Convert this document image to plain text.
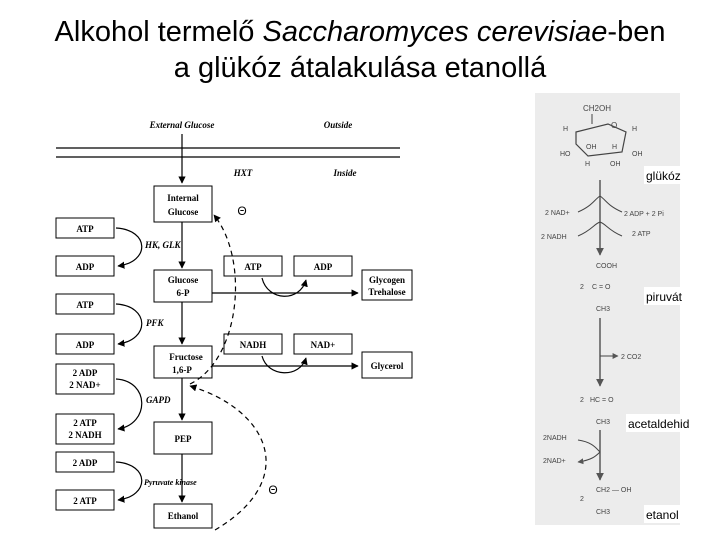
Alkohol termelő Saccharomyces cerevisiae-ben
a glükóz átalakulása etanollá
External Glucose	Outside
HXT	Inside
Internal
Glucose
Glucose
6-P
Fructose
1,6-P
PEP
Ethanol
HK, GLK
PFK
GAPD
Pyruvate kinase
ATP
ADP
ATP
ADP
2 ADP
2 NAD+
2 ATP
2 NADH
2 ADP
2 ATP
ATP	ADP
Glycogen
Trehalose
NADH	NAD+
Glycerol
Θ
Θ
CH2OH
O
H	H
HO
OH H
OH
H	OH
2 NAD+
2 NADH
2 ADP + 2 Pi
2 ATP
COOH
2 C = O
CH3
2 CO2
2 HC = O
CH3
2NADH
2NAD+
CH2 — OH
2
CH3
glükóz
piruvát
acetaldehid
etanol
